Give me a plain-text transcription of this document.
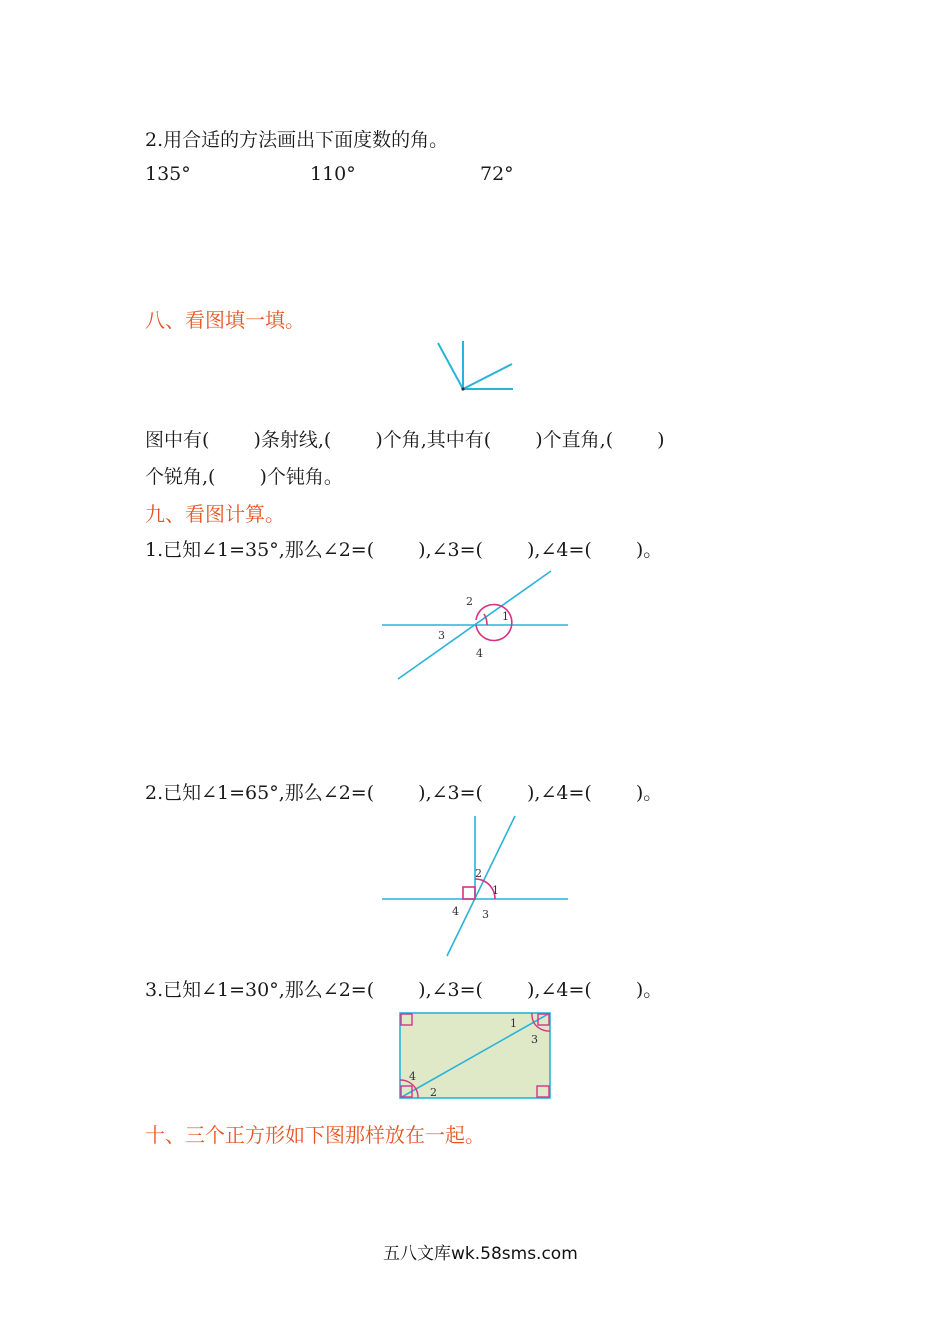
2.用合适的方法画出下面度数的角。
135°	110°	72°
八、看图填一填。
图中有(　　 )条射线,(　　 )个角,其中有(　　 )个直角,(　　 )
个锐角,(　　 )个钝角。
九、看图计算。
1.已知∠1=35°,那么∠2=(　　 ),∠3=(　　 ),∠4=(　　 )。
2
1
3
4
2.已知∠1=65°,那么∠2=(　　 ),∠3=(　　 ),∠4=(　　 )。
2
1
4 3
3.已知∠1=30°,那么∠2=(　　 ),∠3=(　　 ),∠4=(　　 )。
1
3
4
2
十、三个正方形如下图那样放在一起。
五八文库wk.58sms.com
